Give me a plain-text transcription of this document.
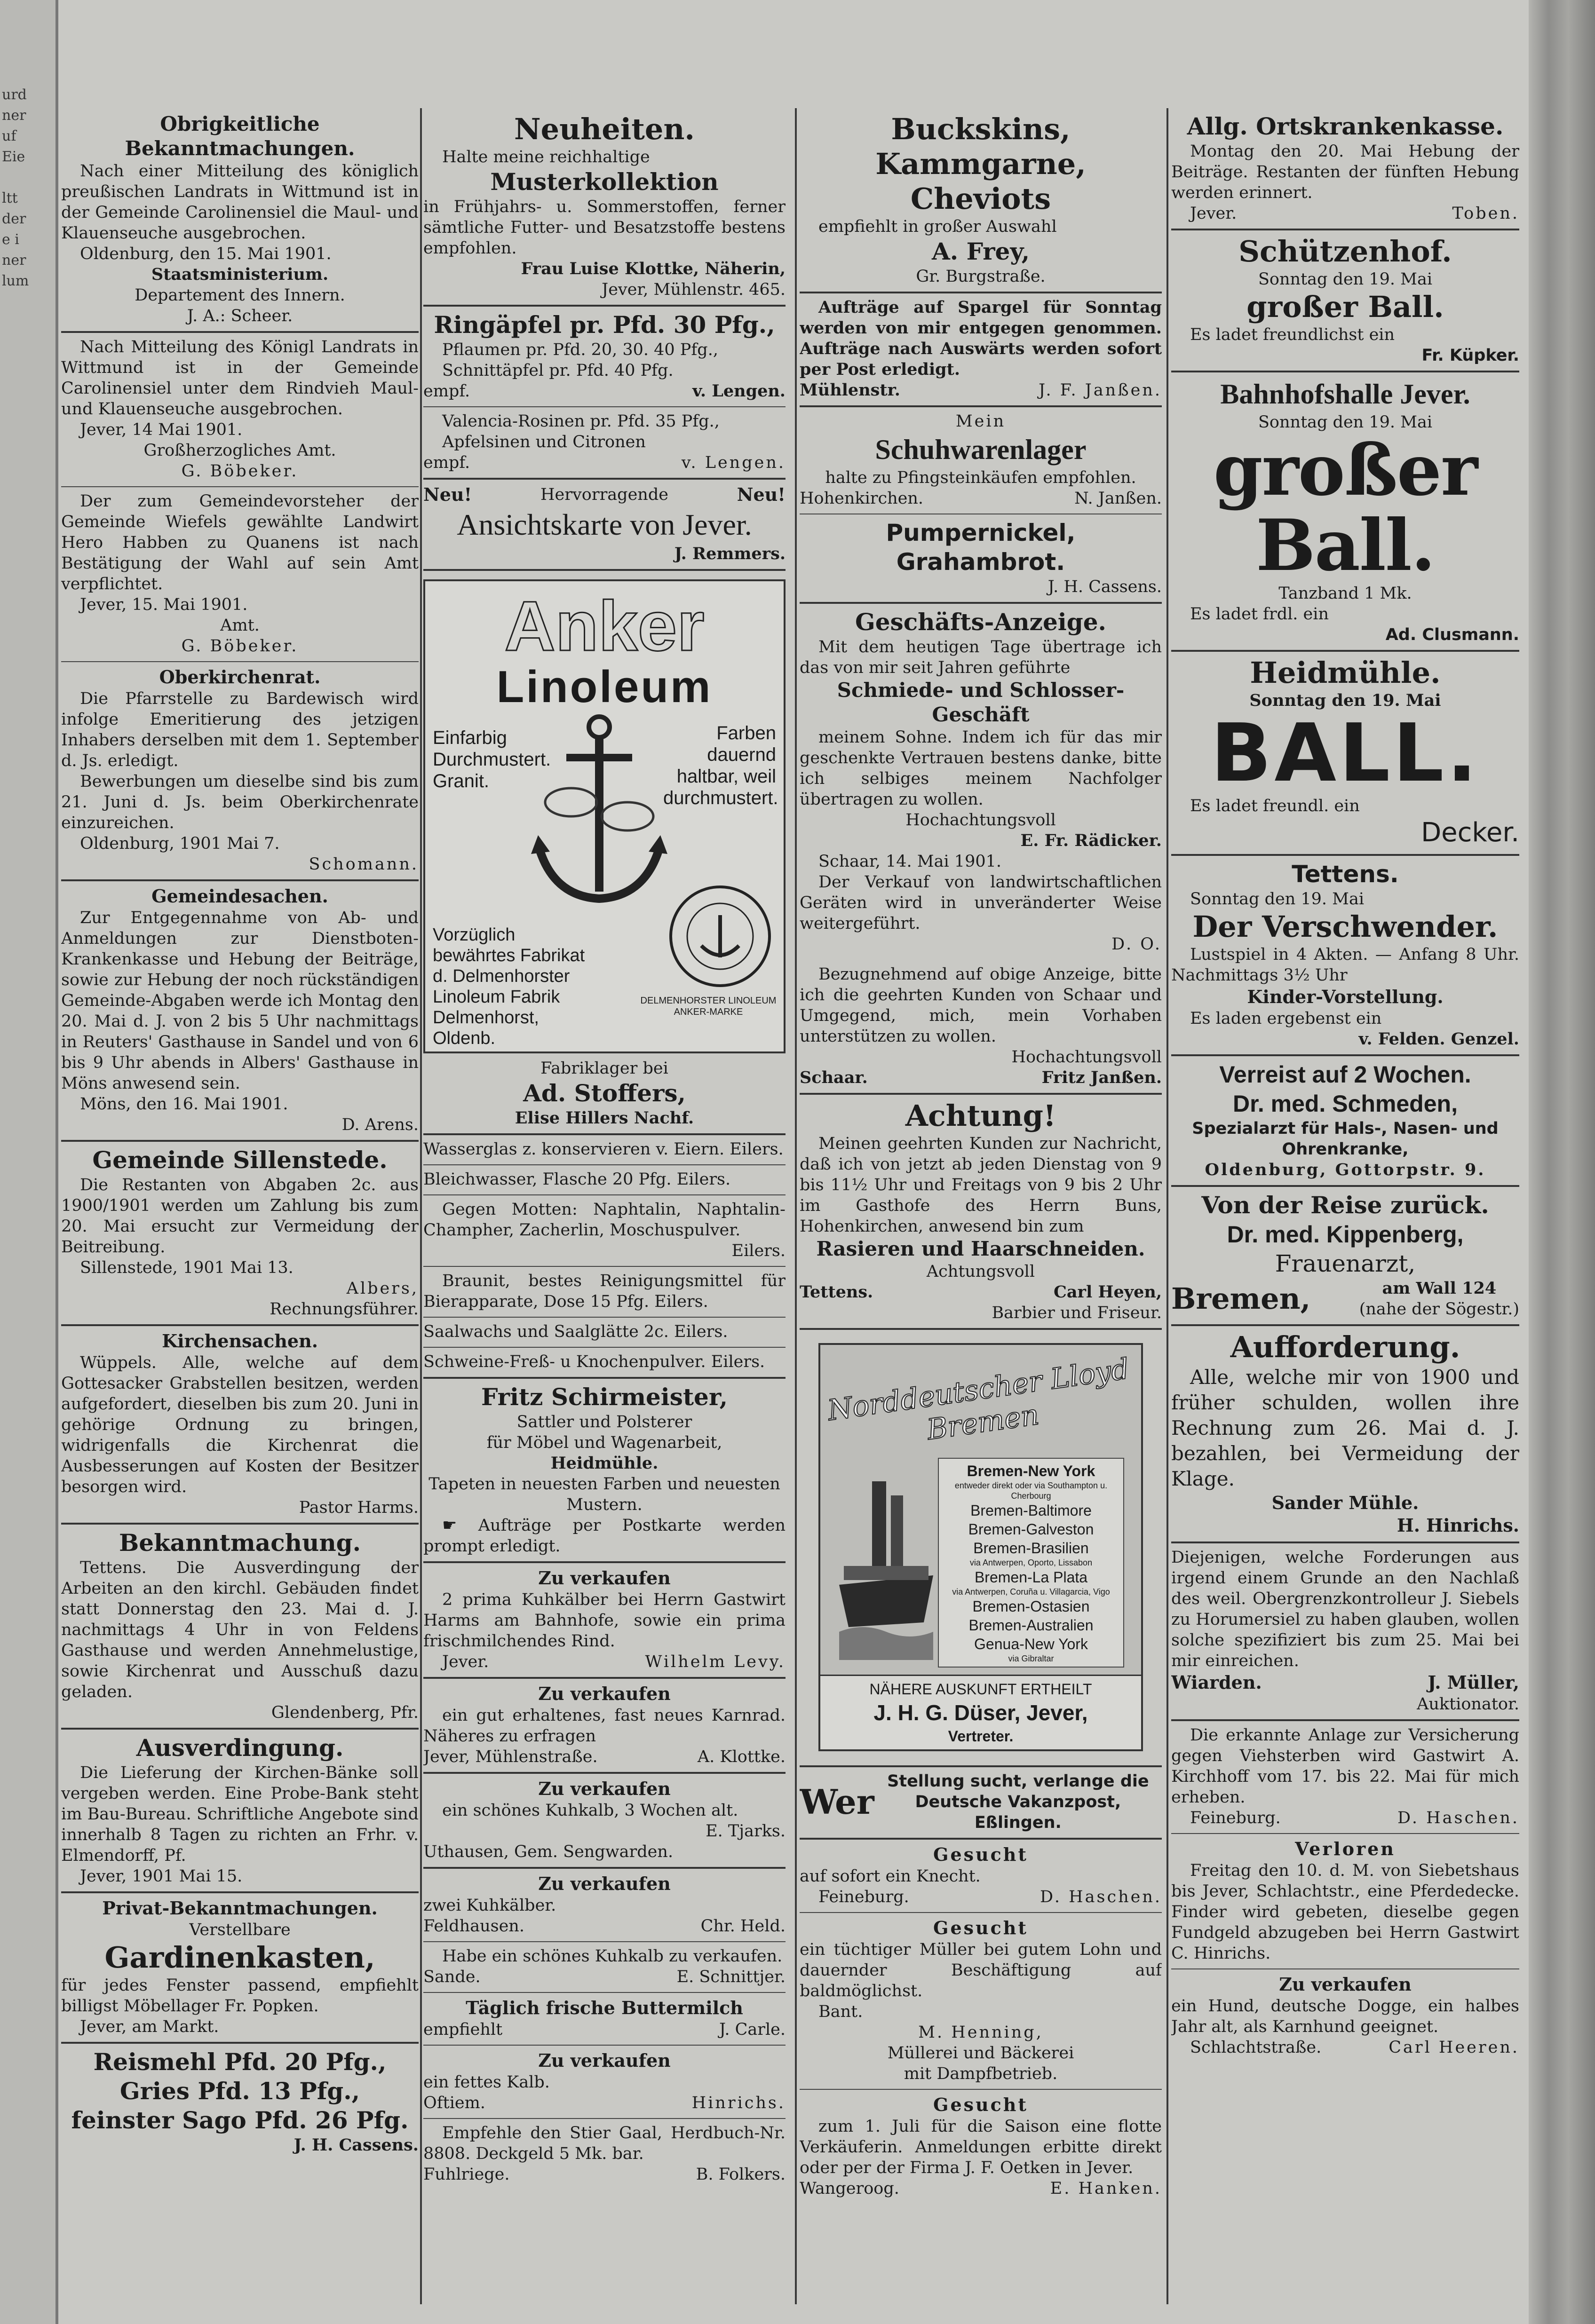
urd
ner
uf
Eie

ltt
der
e i
ner
lum
Obrigkeitliche Bekanntmachungen.
Nach einer Mitteilung des königlich preußischen Landrats in Wittmund ist in der Gemeinde Carolinensiel die Maul- und Klauenseuche ausgebrochen.
Oldenburg, den 15. Mai 1901.
Staatsministerium.
Departement des Innern.
J. A.: Scheer.
Nach Mitteilung des Königl Landrats in Wittmund ist in der Gemeinde Carolinensiel unter dem Rindvieh Maul- und Klauenseuche ausgebrochen.
Jever, 14 Mai 1901.
Großherzogliches Amt.
G. Böbeker.
Der zum Gemeindevorsteher der Gemeinde Wiefels gewählte Landwirt Hero Habben zu Quanens ist nach Bestätigung der Wahl auf sein Amt verpflichtet.
Jever, 15. Mai 1901.
Amt.
G. Böbeker.
Oberkirchenrat.
Die Pfarrstelle zu Bardewisch wird infolge Emeritierung des jetzigen Inhabers derselben mit dem 1. September d. Js. erledigt.
Bewerbungen um dieselbe sind bis zum 21. Juni d. Js. beim Oberkirchenrate einzureichen.
Oldenburg, 1901 Mai 7.
Schomann.
Gemeindesachen.
Zur Entgegennahme von Ab- und Anmeldungen zur Dienstboten-Krankenkasse und Hebung der Beiträge, sowie zur Hebung der noch rückständigen Gemeinde-Abgaben werde ich Montag den 20. Mai d. J. von 2 bis 5 Uhr nachmittags in Reuters' Gasthause in Sandel und von 6 bis 9 Uhr abends in Albers' Gasthause in Möns anwesend sein.
Möns, den 16. Mai 1901.
D. Arens.
Gemeinde Sillenstede.
Die Restanten von Abgaben 2c. aus 1900/1901 werden um Zahlung bis zum 20. Mai ersucht zur Vermeidung der Beitreibung.
Sillenstede, 1901 Mai 13.
Albers,
Rechnungsführer.
Kirchensachen.
Wüppels. Alle, welche auf dem Gottesacker Grabstellen besitzen, werden aufgefordert, dieselben bis zum 20. Juni in gehörige Ordnung zu bringen, widrigenfalls die Kirchenrat die Ausbesserungen auf Kosten der Besitzer besorgen wird.
Pastor Harms.
Bekanntmachung.
Tettens. Die Ausverdingung der Arbeiten an den kirchl. Gebäuden findet statt Donnerstag den 23. Mai d. J. nachmittags 4 Uhr in von Feldens Gasthause und werden Annehmelustige, sowie Kirchenrat und Ausschuß dazu geladen.
Glendenberg, Pfr.
Ausverdingung.
Die Lieferung der Kirchen-Bänke soll vergeben werden. Eine Probe-Bank steht im Bau-Bureau. Schriftliche Angebote sind innerhalb 8 Tagen zu richten an Frhr. v. Elmendorff, Pf.
Jever, 1901 Mai 15.
Privat-Bekanntmachungen.
Verstellbare
Gardinenkasten,
für jedes Fenster passend, empfiehlt billigst Möbellager Fr. Popken.
Jever, am Markt.
Reismehl Pfd. 20 Pfg.,
Gries Pfd. 13 Pfg.,
feinster Sago Pfd. 26 Pfg.
J. H. Cassens.
Neuheiten.
Halte meine reichhaltige
Musterkollektion
in Frühjahrs- u. Sommerstoffen, ferner sämtliche Futter- und Besatzstoffe bestens empfohlen.
Frau Luise Klottke, Näherin,
Jever, Mühlenstr. 465.
Ringäpfel pr. Pfd. 30 Pfg.,
Pflaumen pr. Pfd. 20, 30. 40 Pfg.,
Schnittäpfel pr. Pfd. 40 Pfg.
empf.	v. Lengen.
Valencia-Rosinen pr. Pfd. 35 Pfg.,
Apfelsinen und Citronen
empf.	v. Lengen.
Neu!	Hervorragende	Neu!
Ansichtskarte von Jever.
J. Remmers.
Anker
Linoleum
Einfarbig Durchmustert. Granit.
Farben dauernd haltbar, weil durchmustert.
Vorzüglich bewährtes Fabrikat d. Delmenhorster Linoleum Fabrik Delmenhorst, Oldenb.
DELMENHORSTER LINOLEUM ANKER-MARKE
Fabriklager bei
Ad. Stoffers,
Elise Hillers Nachf.
Wasserglas z. konservieren v. Eiern. Eilers.
Bleichwasser, Flasche 20 Pfg. Eilers.
Gegen Motten: Naphtalin, Naphtalin-Champher, Zacherlin, Moschuspulver.
Eilers.
Braunit, bestes Reinigungsmittel für Bierapparate, Dose 15 Pfg. Eilers.
Saalwachs und Saalglätte 2c. Eilers.
Schweine-Freß- u Knochenpulver. Eilers.
Fritz Schirmeister,
Sattler und Polsterer
für Möbel und Wagenarbeit,
Heidmühle.
Tapeten in neuesten Farben und neuesten Mustern.
☛ Aufträge per Postkarte werden prompt erledigt.
Zu verkaufen
2 prima Kuhkälber bei Herrn Gastwirt Harms am Bahnhofe, sowie ein prima frischmilchendes Rind.
Jever.	Wilhelm Levy.
Zu verkaufen
ein gut erhaltenes, fast neues Karnrad. Näheres zu erfragen
Jever, Mühlenstraße.	A. Klottke.
Zu verkaufen
ein schönes Kuhkalb, 3 Wochen alt.
E. Tjarks.
Uthausen, Gem. Sengwarden.
Zu verkaufen
zwei Kuhkälber.
Feldhausen.	Chr. Held.
Habe ein schönes Kuhkalb zu verkaufen.
Sande.	E. Schnittjer.
Täglich frische Buttermilch
empfiehlt	J. Carle.
Zu verkaufen
ein fettes Kalb.
Oftiem.	Hinrichs.
Empfehle den Stier Gaal, Herdbuch-Nr. 8808. Deckgeld 5 Mk. bar.
Fuhlriege.	B. Folkers.
Buckskins,
Kammgarne,
Cheviots
empfiehlt in großer Auswahl
A. Frey,
Gr. Burgstraße.
Aufträge auf Spargel für Sonntag werden von mir entgegen genommen. Aufträge nach Auswärts werden sofort per Post erledigt.
Mühlenstr.	J. F. Janßen.
Mein
Schuhwarenlager
halte zu Pfingsteinkäufen empfohlen.
Hohenkirchen.	N. Janßen.
Pumpernickel,
Grahambrot.
J. H. Cassens.
Geschäfts-Anzeige.
Mit dem heutigen Tage übertrage ich das von mir seit Jahren geführte
Schmiede- und Schlosser-Geschäft
meinem Sohne. Indem ich für das mir geschenkte Vertrauen bestens danke, bitte ich selbiges meinem Nachfolger übertragen zu wollen.
Hochachtungsvoll
E. Fr. Rädicker.
Schaar, 14. Mai 1901.
Der Verkauf von landwirtschaftlichen Geräten wird in unveränderter Weise weitergeführt.
D. O.
Bezugnehmend auf obige Anzeige, bitte ich die geehrten Kunden von Schaar und Umgegend, mich, mein Vorhaben unterstützen zu wollen.
Hochachtungsvoll
Schaar.	Fritz Janßen.
Achtung!
Meinen geehrten Kunden zur Nachricht, daß ich von jetzt ab jeden Dienstag von 9 bis 11½ Uhr und Freitags von 9 bis 2 Uhr im Gasthofe des Herrn Buns, Hohenkirchen, anwesend bin zum
Rasieren und Haarschneiden.
Achtungsvoll
Tettens.	Carl Heyen,
Barbier und Friseur.
Norddeutscher Lloyd Bremen
Bremen-New York
entweder direkt oder via Southampton u. Cherbourg
Bremen-Baltimore
Bremen-Galveston
Bremen-Brasilien
via Antwerpen, Oporto, Lissabon
Bremen-La Plata
via Antwerpen, Coruña u. Villagarcia, Vigo
Bremen-Ostasien
Bremen-Australien
Genua-New York
via Gibraltar
NÄHERE AUSKUNFT ERTHEILT
J. H. G. Düser, Jever,
Vertreter.
Wer
Stellung sucht, verlange die
Deutsche Vakanzpost, Eßlingen.
Gesucht
auf sofort ein Knecht.
Feineburg.	D. Haschen.
Gesucht
ein tüchtiger Müller bei gutem Lohn und dauernder Beschäftigung auf baldmöglichst.
Bant.
M. Henning,
Müllerei und Bäckerei
mit Dampfbetrieb.
Gesucht
zum 1. Juli für die Saison eine flotte Verkäuferin. Anmeldungen erbitte direkt oder per der Firma J. F. Oetken in Jever.
Wangeroog.	E. Hanken.
Allg. Ortskrankenkasse.
Montag den 20. Mai Hebung der Beiträge. Restanten der fünften Hebung werden erinnert.
Jever.	Toben.
Schützenhof.
Sonntag den 19. Mai
großer Ball.
Es ladet freundlichst ein
Fr. Küpker.
Bahnhofshalle Jever.
Sonntag den 19. Mai
großer Ball.
Tanzband 1 Mk.
Es ladet frdl. ein
Ad. Clusmann.
Heidmühle.
Sonntag den 19. Mai
BALL.
Es ladet freundl. ein
Decker.
Tettens.
Sonntag den 19. Mai
Der Verschwender.
Lustspiel in 4 Akten. — Anfang 8 Uhr. Nachmittags 3½ Uhr
Kinder-Vorstellung.
Es laden ergebenst ein
v. Felden. Genzel.
Verreist auf 2 Wochen.
Dr. med. Schmeden,
Spezialarzt für Hals-, Nasen- und Ohrenkranke,
Oldenburg, Gottorpstr. 9.
Von der Reise zurück.
Dr. med. Kippenberg,
Frauenarzt,
Bremen,	am Wall 124
(nahe der Sögestr.)
Aufforderung.
Alle, welche mir von 1900 und früher schulden, wollen ihre Rechnung zum 26. Mai d. J. bezahlen, bei Vermeidung der Klage.
Sander Mühle.
H. Hinrichs.
Diejenigen, welche Forderungen aus irgend einem Grunde an den Nachlaß des weil. Obergrenzkontrolleur J. Siebels zu Horumersiel zu haben glauben, wollen solche spezifiziert bis zum 25. Mai bei mir einreichen.
Wiarden.	J. Müller,
Auktionator.
Die erkannte Anlage zur Versicherung gegen Viehsterben wird Gastwirt A. Kirchhoff vom 17. bis 22. Mai für mich erheben.
Feineburg.	D. Haschen.
Verloren
Freitag den 10. d. M. von Siebetshaus bis Jever, Schlachtstr., eine Pferdedecke. Finder wird gebeten, dieselbe gegen Fundgeld abzugeben bei Herrn Gastwirt C. Hinrichs.
Zu verkaufen
ein Hund, deutsche Dogge, ein halbes Jahr alt, als Karnhund geeignet.
Schlachtstraße.	Carl Heeren.
